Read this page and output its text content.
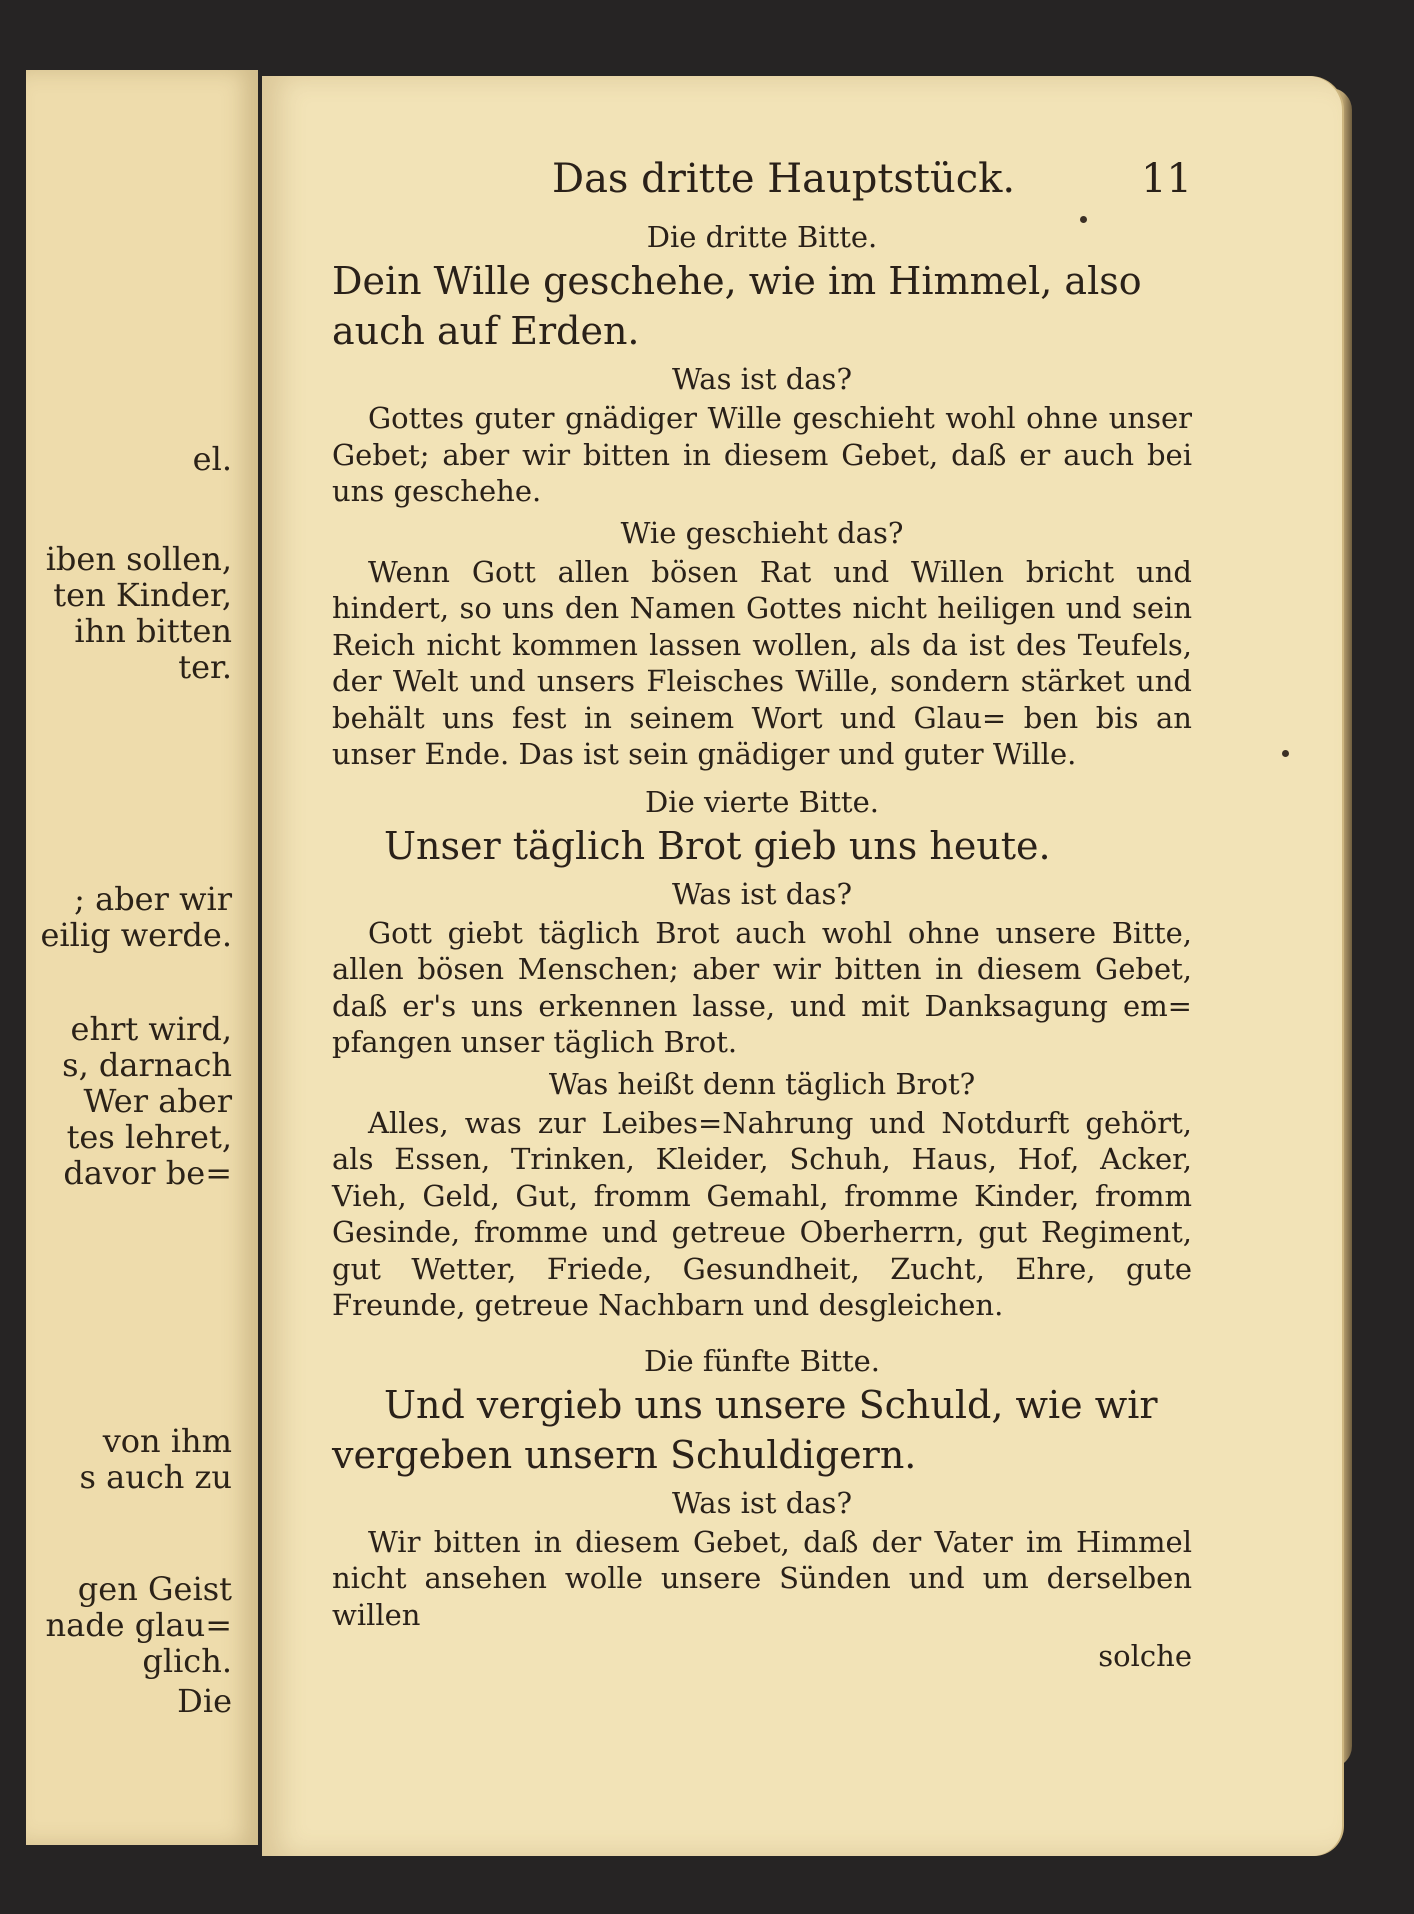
el.
iben sollen,
ten Kinder,
ihn bitten
ter.
; aber wir
eilig werde.
ehrt wird,
s, darnach
Wer aber
tes lehret,
davor be=
von ihm
s auch zu
gen Geist
nade glau=
glich.
Die
Das dritte Hauptstück.	11
Die dritte Bitte.
Dein Wille geschehe, wie im Himmel, also auch auf Erden.
Was ist das?
Gottes guter gnädiger Wille geschieht wohl ohne unser Gebet; aber wir bitten in diesem Gebet, daß er auch bei uns geschehe.
Wie geschieht das?
Wenn Gott allen bösen Rat und Willen bricht und hindert, so uns den Namen Gottes nicht heiligen und sein Reich nicht kommen lassen wollen, als da ist des Teufels, der Welt und unsers Fleisches Wille, sondern stärket und behält uns fest in seinem Wort und Glau= ben bis an unser Ende. Das ist sein gnädiger und guter Wille.
Die vierte Bitte.
Unser täglich Brot gieb uns heute.
Was ist das?
Gott giebt täglich Brot auch wohl ohne unsere Bitte, allen bösen Menschen; aber wir bitten in diesem Gebet, daß er's uns erkennen lasse, und mit Danksagung em= pfangen unser täglich Brot.
Was heißt denn täglich Brot?
Alles, was zur Leibes=Nahrung und Notdurft gehört, als Essen, Trinken, Kleider, Schuh, Haus, Hof, Acker, Vieh, Geld, Gut, fromm Gemahl, fromme Kinder, fromm Gesinde, fromme und getreue Oberherrn, gut Regiment, gut Wetter, Friede, Gesundheit, Zucht, Ehre, gute Freunde, getreue Nachbarn und desgleichen.
Die fünfte Bitte.
Und vergieb uns unsere Schuld, wie wir vergeben unsern Schuldigern.
Was ist das?
Wir bitten in diesem Gebet, daß der Vater im Himmel nicht ansehen wolle unsere Sünden und um derselben willen
solche
